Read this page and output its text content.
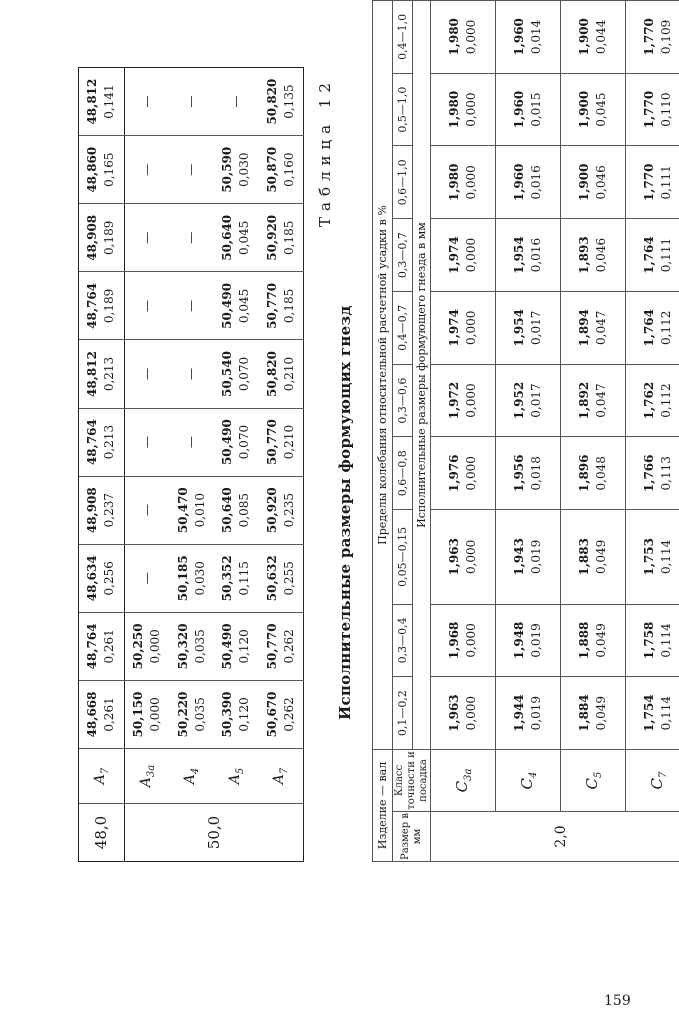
48,0	$A_7$	48,668 0,261	48,764 0,261	48,634 0,256	48,908 0,237	48,764 0,213	48,812 0,213	48,764 0,189	48,908 0,189	48,860 0,165	48,812 0,141

50,0	$A_{3a}$	50,150 0,000	50,250 0,000	—	—	—	—	—	—	—	—

	$A_4$	50,220 0,035	50,320 0,035	50,185 0,030	50,470 0,010	—	—	—	—	—	—

	$A_5$	50,390 0,120	50,490 0,120	50,352 0,115	50,640 0,085	50,490 0,070	50,540 0,070	50,490 0,045	50,640 0,045	50,590 0,030	—

	$A_7$	50,670 0,262	50,770 0,262	50,632 0,255	50,920 0,235	50,770 0,210	50,820 0,210	50,770 0,185	50,920 0,185	50,870 0,160	50,820 0,135 Таблица 12
Исполнительные размеры формующих гнезд
Изделие — вал		Пределы колебания относительной расчетной усадки в %									
Размер в мм	Класс точности и посадка	0,1—0,2	0,3—0,4	0,05—0,15	0,6—0,8	0,3—0,6	0,4—0,7	0,3—0,7	0,6—1,0	0,5—1,0	0,4—1,0
		Исполнительные размеры формующего гнезда в мм									
2,0	$C_{3a}$	1,963 0,000	1,968 0,000	1,963 0,000	1,976 0,000	1,972 0,000	1,974 0,000	1,974 0,000	1,980 0,000	1,980 0,000	1,980 0,000

	$C_4$	1,944 0,019	1,948 0,019	1,943 0,019	1,956 0,018	1,952 0,017	1,954 0,017	1,954 0,016	1,960 0,016	1,960 0,015	1,960 0,014

	$C_5$	1,884 0,049	1,888 0,049	1,883 0,049	1,896 0,048	1,892 0,047	1,894 0,047	1,893 0,046	1,900 0,046	1,900 0,045	1,900 0,044

	$C_7$	1,754 0,114	1,758 0,114	1,753 0,114	1,766 0,113	1,762 0,112	1,764 0,112	1,764 0,111	1,770 0,111	1,770 0,110	1,770 0,109
159
